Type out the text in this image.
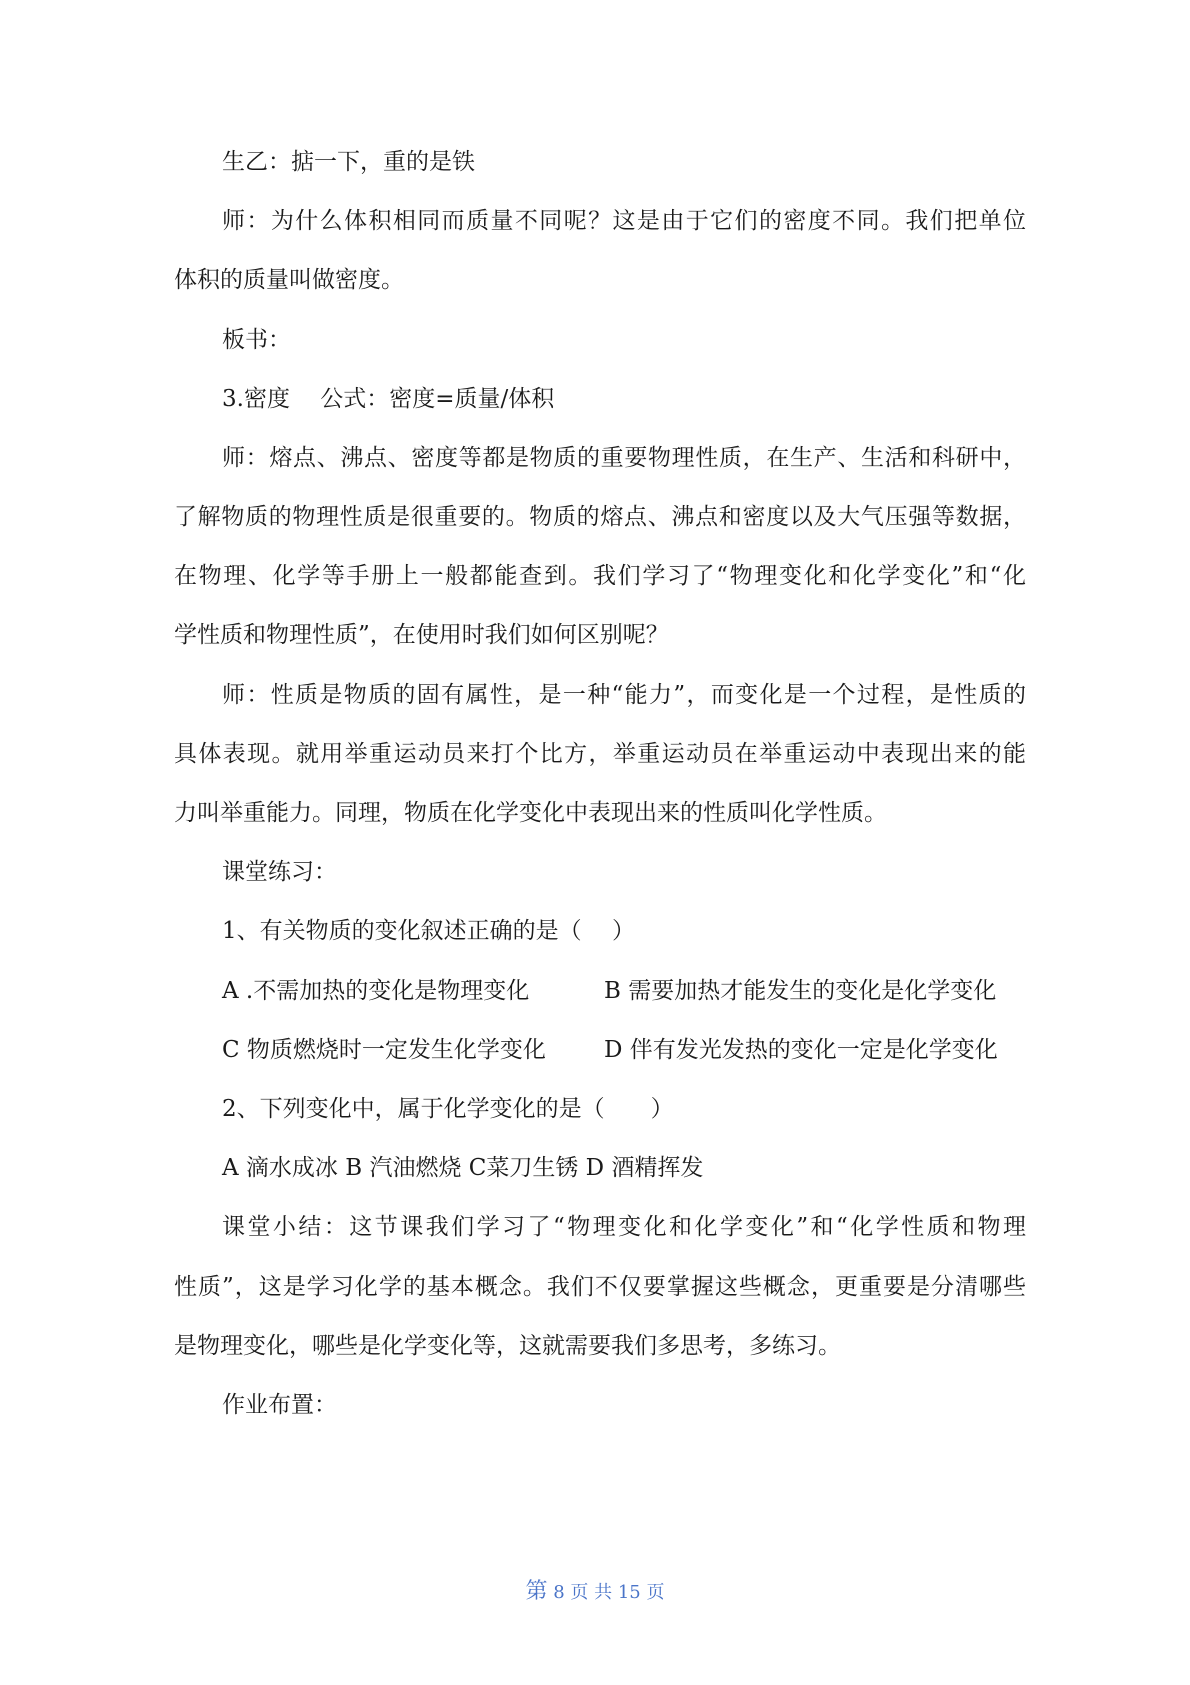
生乙：掂一下，重的是铁
师：为什么体积相同而质量不同呢？这是由于它们的密度不同。我们把单位
体积的质量叫做密度。
板书：
3.密度　 公式：密度=质量/体积
师：熔点、沸点、密度等都是物质的重要物理性质，在生产、生活和科研中，
了解物质的物理性质是很重要的。物质的熔点、沸点和密度以及大气压强等数据，
在物理、化学等手册上一般都能查到。我们学习了“物理变化和化学变化”和“化
学性质和物理性质”，在使用时我们如何区别呢？
师：性质是物质的固有属性，是一种“能力”，而变化是一个过程，是性质的
具体表现。就用举重运动员来打个比方，举重运动员在举重运动中表现出来的能
力叫举重能力。同理，物质在化学变化中表现出来的性质叫化学性质。
课堂练习：
1、有关物质的变化叙述正确的是（　 ）
A .不需加热的变化是物理变化	B 需要加热才能发生的变化是化学变化
C 物质燃烧时一定发生化学变化	D 伴有发光发热的变化一定是化学变化
2、下列变化中，属于化学变化的是（　　）
A 滴水成冰 B 汽油燃烧 C菜刀生锈 D 酒精挥发
课堂小结：这节课我们学习了“物理变化和化学变化”和“化学性质和物理
性质”，这是学习化学的基本概念。我们不仅要掌握这些概念，更重要是分清哪些
是物理变化，哪些是化学变化等，这就需要我们多思考，多练习。
作业布置：
第 8 页 共 15 页
